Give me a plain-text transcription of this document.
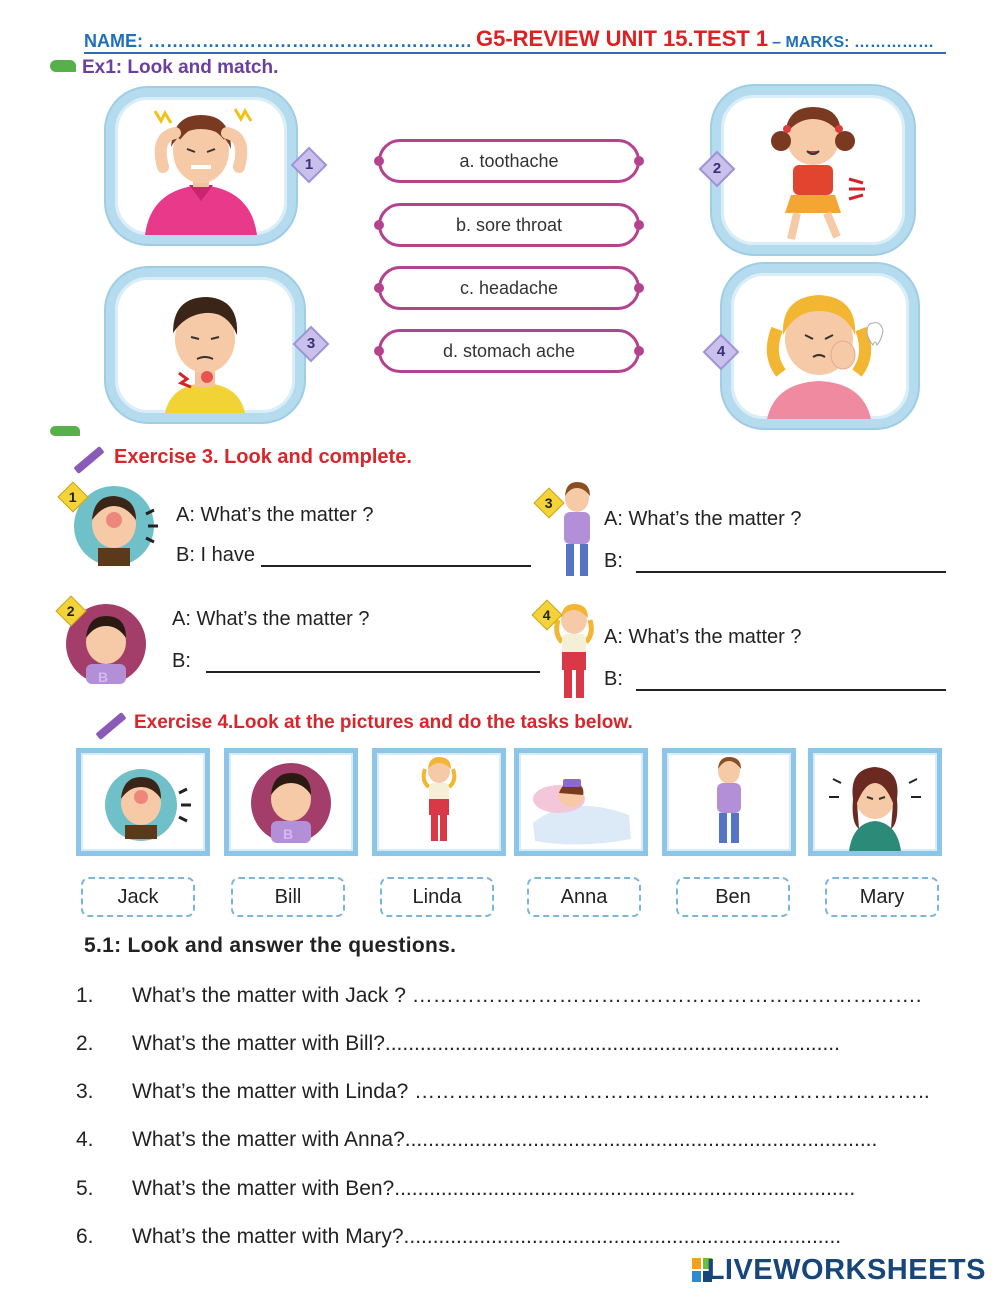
NAME: ……………………………………………… G5-REVIEW UNIT 15.TEST 1 – MARKS: ……………
Ex1: Look and match.
1	2
3	4
a. toothache
b. sore throat
c. headache
d. stomach ache
Exercise 3. Look and complete.
1
A: What’s the matter ?
B: I have
3
A: What’s the matter ?
B:
B
2	A: What’s the matter ?
B:
4
A: What’s the matter ?
B:
Exercise 4.Look at the pictures and do the tasks below.
B
Jack	Bill	Linda	Anna	Ben	Mary
5.1: Look and answer the questions.
1. What’s the matter with Jack ? ……………………………………………………………….
2. What’s the matter with Bill?..............................................................................
3. What’s the matter with Linda? ………………………………………………………………..
4. What’s the matter with Anna?.................................................................................
5. What’s the matter with Ben?...............................................................................
6. What’s the matter with Mary?...........................................................................
LIVEWORKSHEETS
